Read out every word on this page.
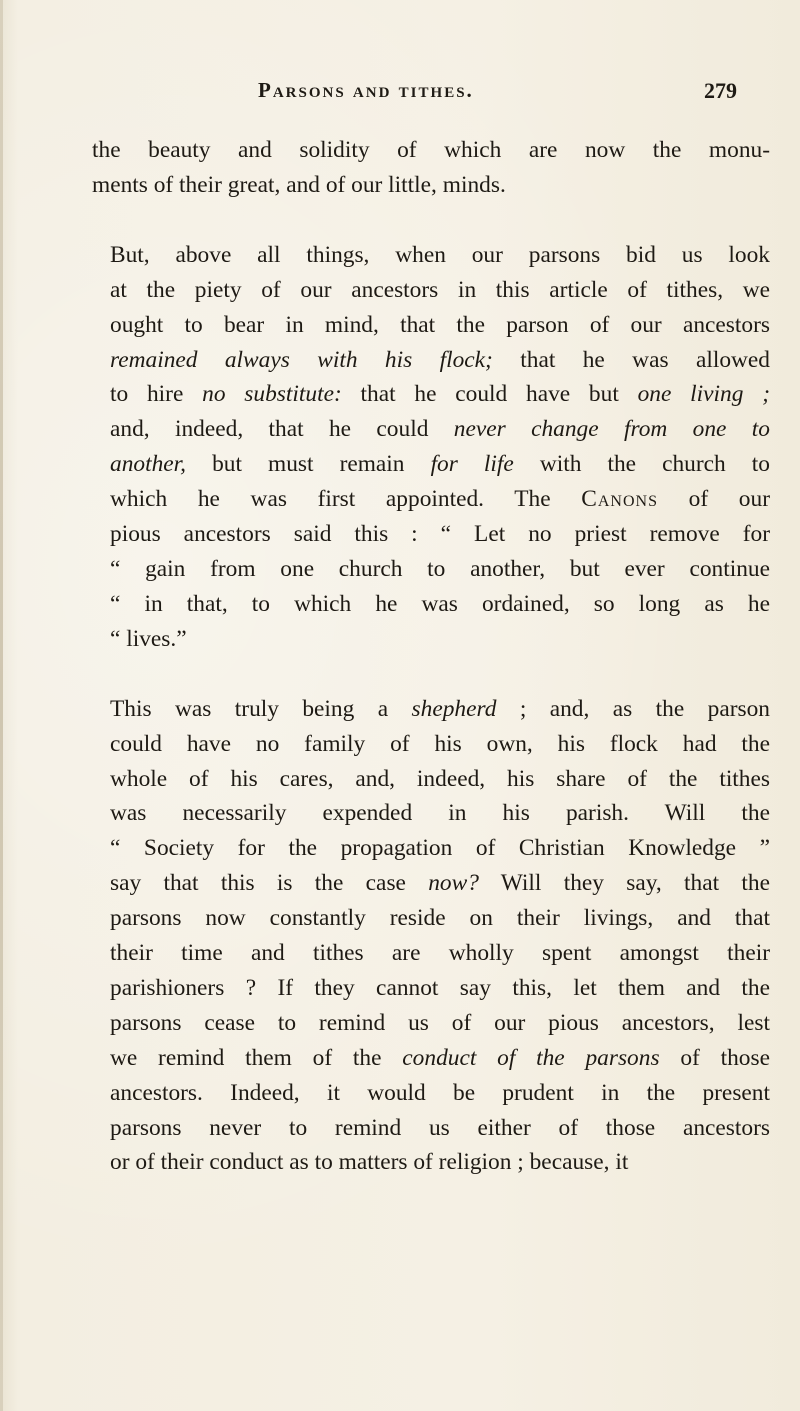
Parsons and tithes.	279

the beauty and solidity of which are now the monu-
ments of their great, and of our little, minds.

But, above all things, when our parsons bid us look
at the piety of our ancestors in this article of tithes, we
ought to bear in mind, that the parson of our ancestors
remained always with his flock; that he was allowed
to hire no substitute: that he could have but one living ;
and, indeed, that he could never change from one to
another, but must remain for life with the church to
which he was first appointed. The Canons of our
pious ancestors said this : “ Let no priest remove for
“ gain from one church to another, but ever continue
“ in that, to which he was ordained, so long as he
“ lives.”

This was truly being a shepherd ; and, as the parson
could have no family of his own, his flock had the
whole of his cares, and, indeed, his share of the tithes
was necessarily expended in his parish. Will the
“ Society for the propagation of Christian Knowledge ”
say that this is the case now? Will they say, that the
parsons now constantly reside on their livings, and that
their time and tithes are wholly spent amongst their
parishioners ? If they cannot say this, let them and the
parsons cease to remind us of our pious ancestors, lest
we remind them of the conduct of the parsons of those
ancestors. Indeed, it would be prudent in the present
parsons never to remind us either of those ancestors
or of their conduct as to matters of religion ; because, it
